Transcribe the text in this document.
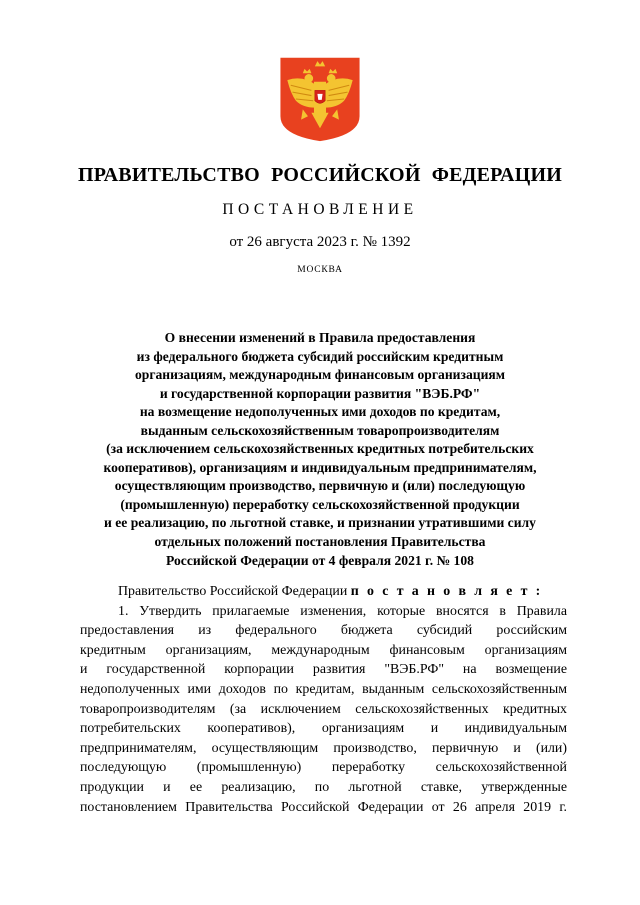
ПРАВИТЕЛЬСТВО РОССИЙСКОЙ ФЕДЕРАЦИИ
ПОСТАНОВЛЕНИЕ
от 26 августа 2023 г. № 1392
МОСКВА
О внесении изменений в Правила предоставления
из федерального бюджета субсидий российским кредитным
организациям, международным финансовым организациям
и государственной корпорации развития "ВЭБ.РФ"
на возмещение недополученных ими доходов по кредитам,
выданным сельскохозяйственным товаропроизводителям
(за исключением сельскохозяйственных кредитных потребительских
кооперативов), организациям и индивидуальным предпринимателям,
осуществляющим производство, первичную и (или) последующую
(промышленную) переработку сельскохозяйственной продукции
и ее реализацию, по льготной ставке, и признании утратившими силу
отдельных положений постановления Правительства
Российской Федерации от 4 февраля 2021 г. № 108
Правительство Российской Федерации п о с т а н о в л я е т :

1. Утвердить прилагаемые изменения, которые вносятся в Правила

предоставления из федерального бюджета субсидий российским

кредитным организациям, международным финансовым организациям

и государственной корпорации развития "ВЭБ.РФ" на возмещение

недополученных ими доходов по кредитам, выданным сельскохозяйственным

товаропроизводителям (за исключением сельскохозяйственных кредитных

потребительских кооперативов), организациям и индивидуальным

предпринимателям, осуществляющим производство, первичную и (или)

последующую (промышленную) переработку сельскохозяйственной

продукции и ее реализацию, по льготной ставке, утвержденные

постановлением Правительства Российской Федерации от 26 апреля 2019 г.
